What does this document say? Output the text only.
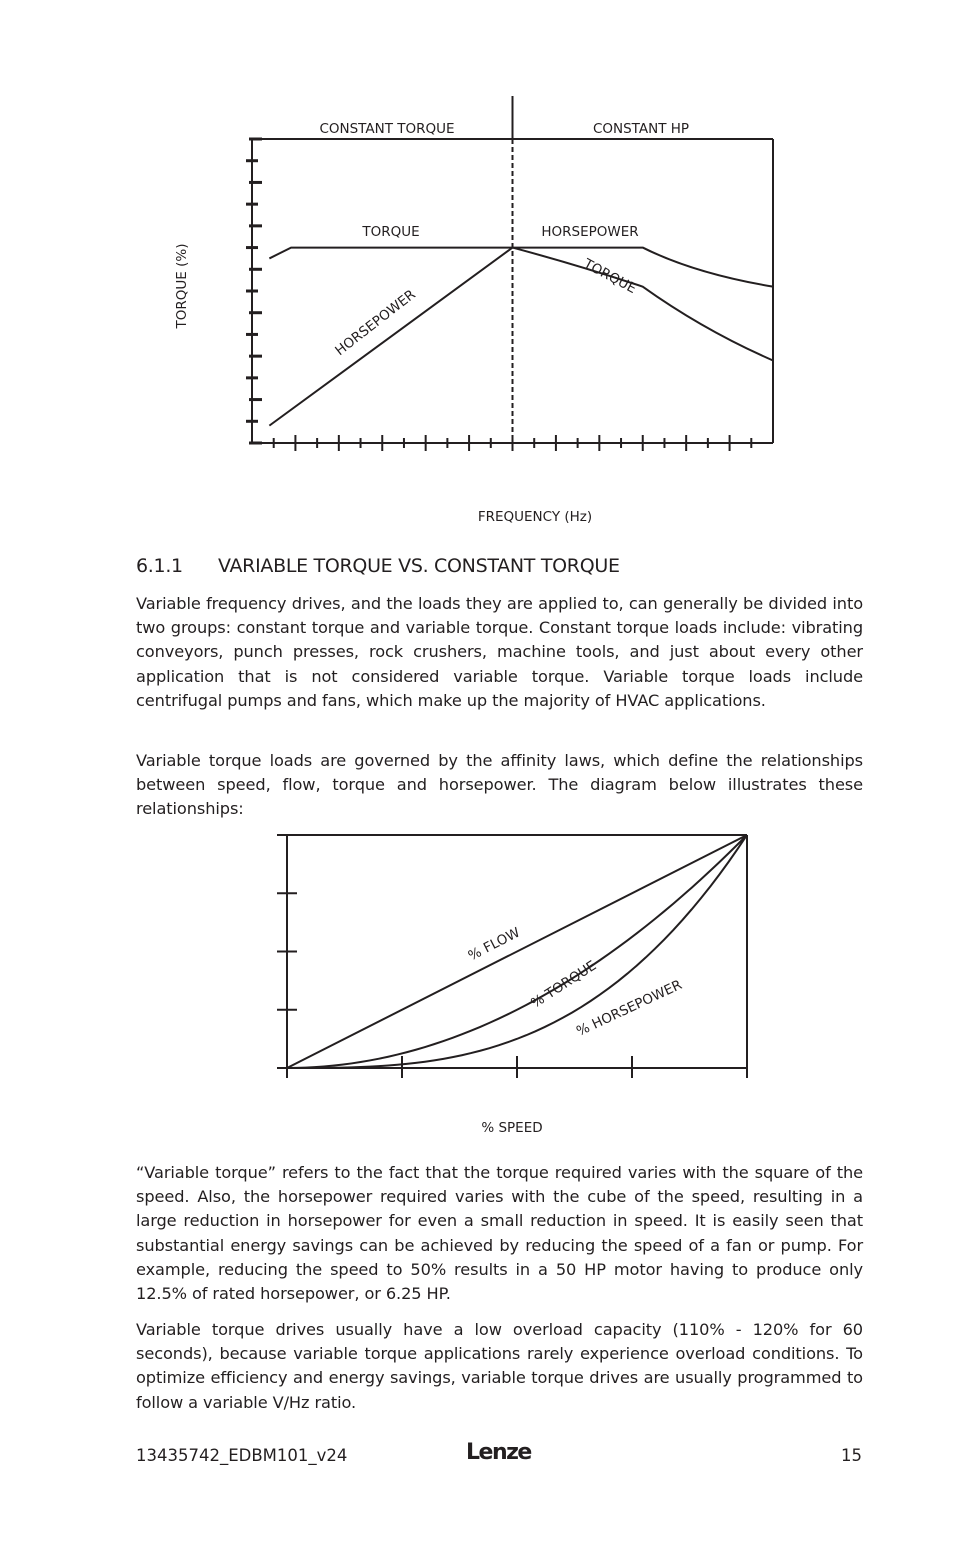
CONSTANT TORQUE	CONSTANT HP
TORQUE	HORSEPOWER
HORSEPOWER
TORQUE
FREQUENCY (Hz)
TORQUE (%)
6.1.1 VARIABLE TORQUE VS. CONSTANT TORQUE

Variable frequency drives, and the loads they are applied to, can generally be divided into two groups: constant torque and variable torque. Constant torque loads include: vibrating conveyors, punch presses, rock crushers, machine tools, and just about every other application that is not considered variable torque. Variable torque loads include centrifugal pumps and fans, which make up the majority of HVAC applications.

Variable torque loads are governed by the affinity laws, which define the relationships between speed, flow, torque and horsepower. The diagram below illustrates these relationships:

% FLOW
% TORQUE
% HORSEPOWER
% SPEED

“Variable torque” refers to the fact that the torque required varies with the square of the speed. Also, the horsepower required varies with the cube of the speed, resulting in a large reduction in horsepower for even a small reduction in speed. It is easily seen that substantial energy savings can be achieved by reducing the speed of a fan or pump. For example, reducing the speed to 50% results in a 50 HP motor having to produce only 12.5% of rated horsepower, or 6.25 HP.

Variable torque drives usually have a low overload capacity (110% - 120% for 60 seconds), because variable torque applications rarely experience overload conditions. To optimize efficiency and energy savings, variable torque drives are usually programmed to follow a variable V/Hz ratio.

13435742_EDBM101_v24	Lenze	15
